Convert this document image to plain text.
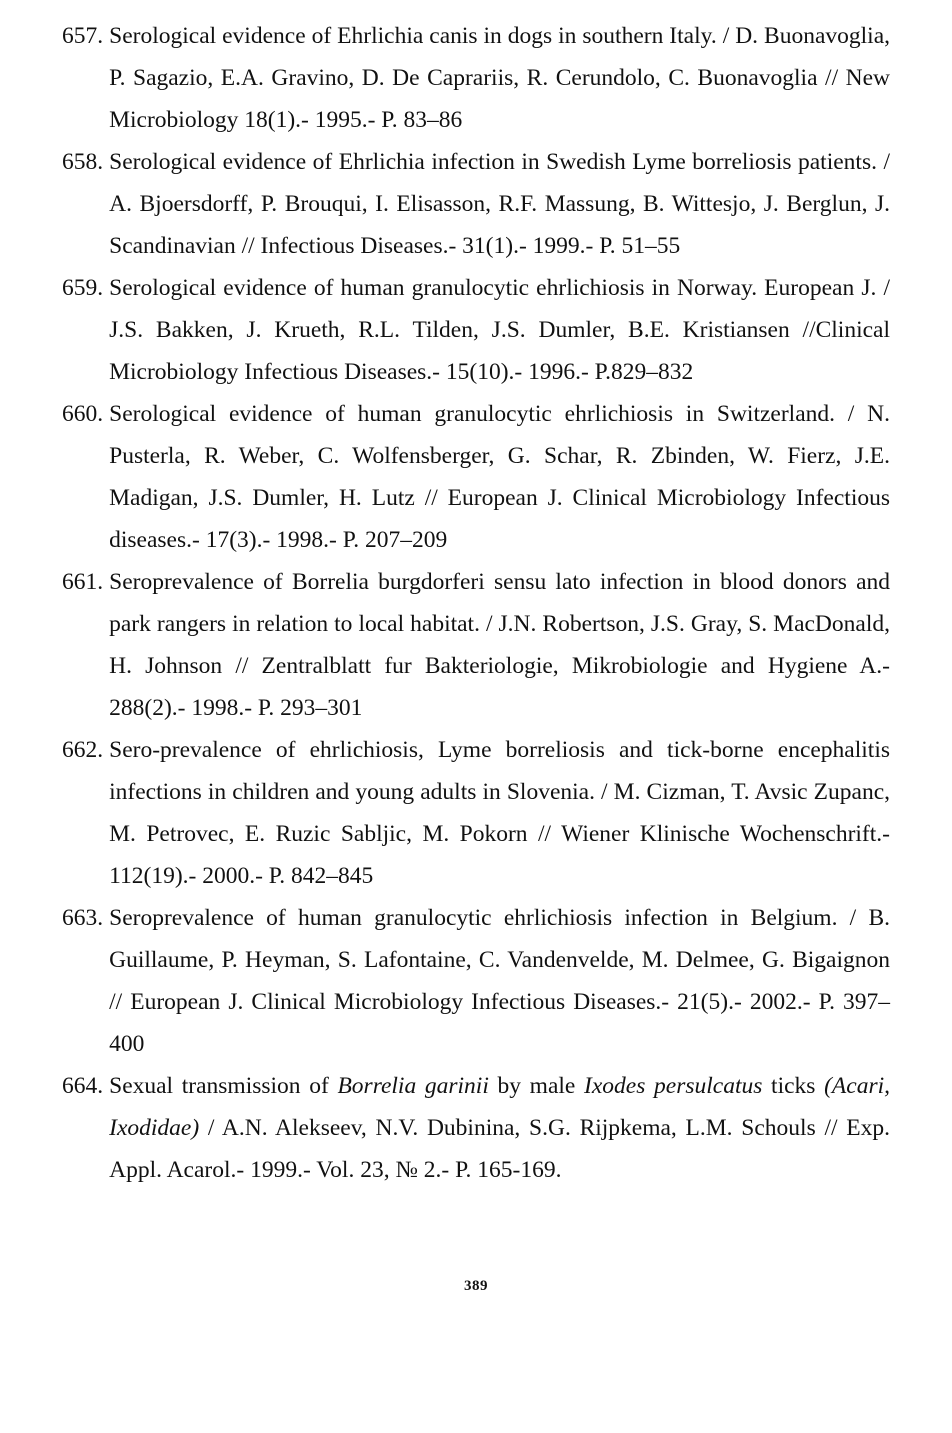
657. Serological evidence of Ehrlichia canis in dogs in southern Italy. / D. Buonavoglia, P. Sagazio, E.A. Gravino, D. De Caprariis, R. Cerundolo, C. Buonavoglia // New Microbiology 18(1).- 1995.- P. 83–86
658. Serological evidence of Ehrlichia infection in Swedish Lyme borreliosis patients. / A. Bjoersdorff, P. Brouqui, I. Elisasson, R.F. Massung, B. Wittesjo, J. Berglun, J. Scandinavian // Infectious Diseases.- 31(1).- 1999.- P. 51–55
659. Serological evidence of human granulocytic ehrlichiosis in Norway. European J. / J.S. Bakken, J. Krueth, R.L. Tilden, J.S. Dumler, B.E. Kristiansen //Clinical Microbiology Infectious Diseases.- 15(10).- 1996.- P.829–832
660. Serological evidence of human granulocytic ehrlichiosis in Switzerland. / N. Pusterla, R. Weber, C. Wolfensberger, G. Schar, R. Zbinden, W. Fierz, J.E. Madigan, J.S. Dumler, H. Lutz // European J. Clinical Microbiology Infectious diseases.- 17(3).- 1998.- P. 207–209
661. Seroprevalence of Borrelia burgdorferi sensu lato infection in blood donors and park rangers in relation to local habitat. / J.N. Robertson, J.S. Gray, S. MacDonald, H. Johnson // Zentralblatt fur Bakteriologie, Mikrobiologie and Hygiene A.- 288(2).- 1998.- P. 293–301
662. Sero-prevalence of ehrlichiosis, Lyme borreliosis and tick-borne encephalitis infections in children and young adults in Slovenia. / M. Cizman, T. Avsic Zupanc, M. Petrovec, E. Ruzic Sabljic, M. Pokorn // Wiener Klinische Wochenschrift.- 112(19).- 2000.- P. 842–845
663. Seroprevalence of human granulocytic ehrlichiosis infection in Belgium. / B. Guillaume, P. Heyman, S. Lafontaine, C. Vandenvelde, M. Delmee, G. Bigaignon // European J. Clinical Microbiology Infectious Diseases.- 21(5).- 2002.- P. 397–400
664. Sexual transmission of Borrelia garinii by male Ixodes persulcatus ticks (Acari, Ixodidae) / A.N. Alekseev, N.V. Dubinina, S.G. Rijpkema, L.M. Schouls // Exp. Appl. Acarol.- 1999.- Vol. 23, № 2.- P. 165-169.
389
